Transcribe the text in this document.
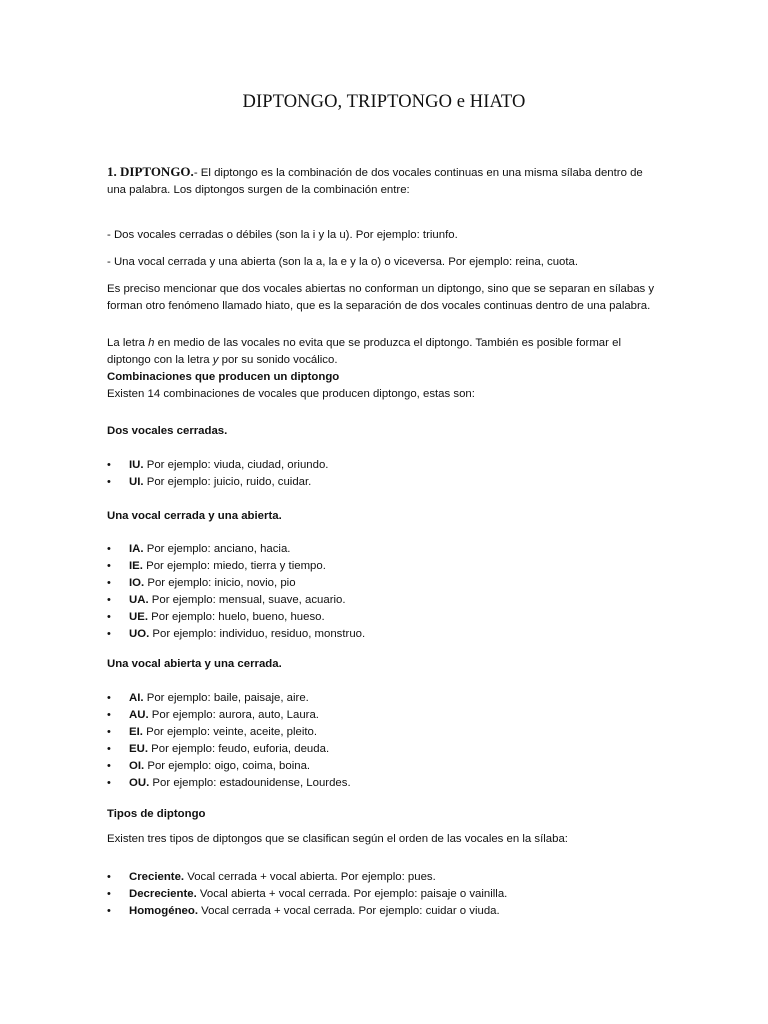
DIPTONGO, TRIPTONGO e HIATO

1. DIPTONGO.- El diptongo es la combinación de dos vocales continuas en una misma sílaba dentro de

una palabra. Los diptongos surgen de la combinación entre:

- Dos vocales cerradas o débiles (son la i y la u). Por ejemplo: triunfo.

- Una vocal cerrada y una abierta (son la a, la e y la o) o viceversa. Por ejemplo: reina, cuota.

Es preciso mencionar que dos vocales abiertas no conforman un diptongo, sino que se separan en sílabas y

forman otro fenómeno llamado hiato, que es la separación de dos vocales continuas dentro de una palabra.

La letra h en medio de las vocales no evita que se produzca el diptongo. También es posible formar el

diptongo con la letra y por su sonido vocálico.

Combinaciones que producen un diptongo

Existen 14 combinaciones de vocales que producen diptongo, estas son:

Dos vocales cerradas.

• IU. Por ejemplo: viuda, ciudad, oriundo.
• UI. Por ejemplo: juicio, ruido, cuidar.

Una vocal cerrada y una abierta.

• IA. Por ejemplo: anciano, hacia.
• IE. Por ejemplo: miedo, tierra y tiempo.
• IO. Por ejemplo: inicio, novio, pio
• UA. Por ejemplo: mensual, suave, acuario.
• UE. Por ejemplo: huelo, bueno, hueso.
• UO. Por ejemplo: individuo, residuo, monstruo.

Una vocal abierta y una cerrada.

• AI. Por ejemplo: baile, paisaje, aire.
• AU. Por ejemplo: aurora, auto, Laura.
• EI. Por ejemplo: veinte, aceite, pleito.
• EU. Por ejemplo: feudo, euforia, deuda.
• OI. Por ejemplo: oigo, coima, boina.
• OU. Por ejemplo: estadounidense, Lourdes.

Tipos de diptongo

Existen tres tipos de diptongos que se clasifican según el orden de las vocales en la sílaba:

• Creciente. Vocal cerrada + vocal abierta. Por ejemplo: pues.
• Decreciente. Vocal abierta + vocal cerrada. Por ejemplo: paisaje o vainilla.
• Homogéneo. Vocal cerrada + vocal cerrada. Por ejemplo: cuidar o viuda.
